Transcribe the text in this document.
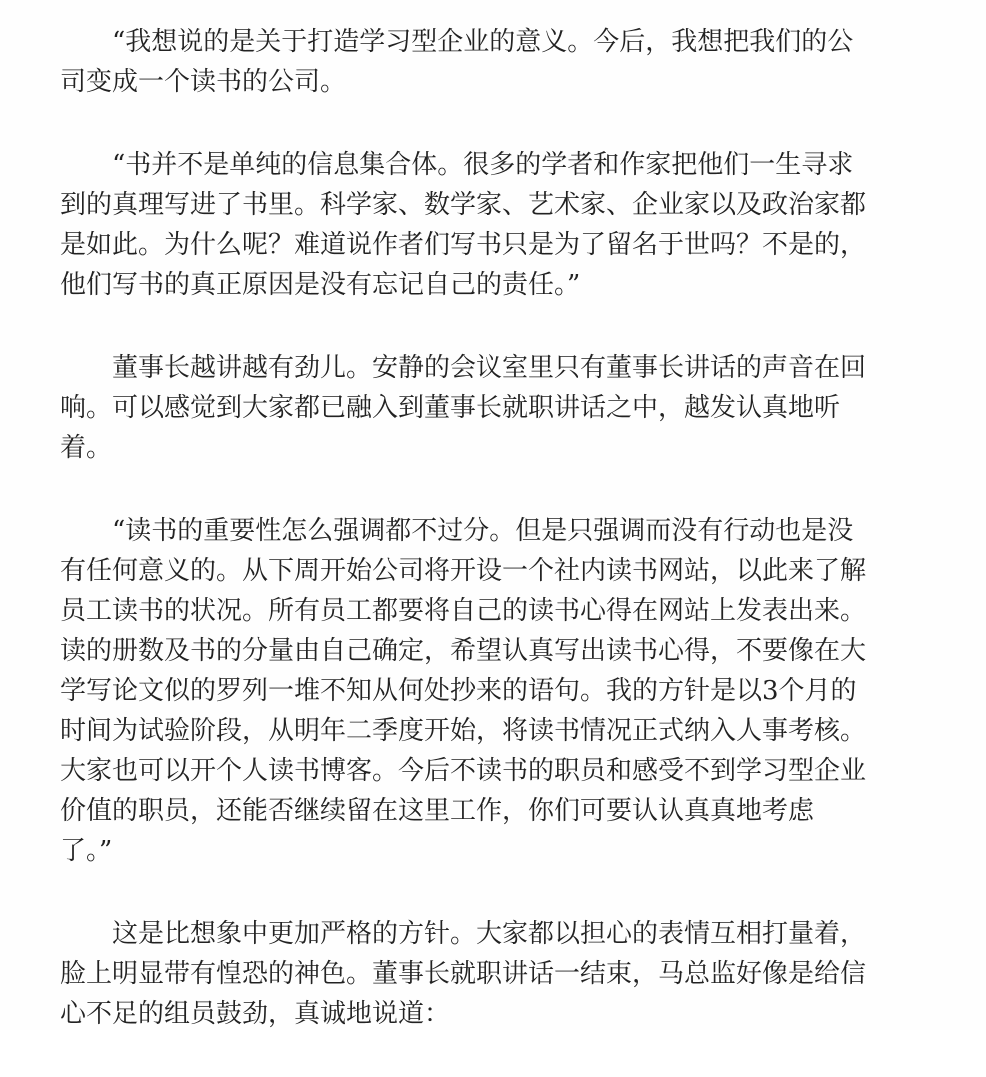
“我想说的是关于打造学习型企业的意义。今后，我想把我们的公
司变成一个读书的公司。

“书并不是单纯的信息集合体。很多的学者和作家把他们一生寻求
到的真理写进了书里。科学家、数学家、艺术家、企业家以及政治家都
是如此。为什么呢？难道说作者们写书只是为了留名于世吗？不是的，
他们写书的真正原因是没有忘记自己的责任。”

董事长越讲越有劲儿。安静的会议室里只有董事长讲话的声音在回
响。可以感觉到大家都已融入到董事长就职讲话之中，越发认真地听
着。

“读书的重要性怎么强调都不过分。但是只强调而没有行动也是没
有任何意义的。从下周开始公司将开设一个社内读书网站，以此来了解
员工读书的状况。所有员工都要将自己的读书心得在网站上发表出来。
读的册数及书的分量由自己确定，希望认真写出读书心得，不要像在大
学写论文似的罗列一堆不知从何处抄来的语句。我的方针是以3个月的
时间为试验阶段，从明年二季度开始，将读书情况正式纳入人事考核。
大家也可以开个人读书博客。今后不读书的职员和感受不到学习型企业
价值的职员，还能否继续留在这里工作，你们可要认认真真地考虑
了。”

这是比想象中更加严格的方针。大家都以担心的表情互相打量着，
脸上明显带有惶恐的神色。董事长就职讲话一结束，马总监好像是给信
心不足的组员鼓劲，真诚地说道：
